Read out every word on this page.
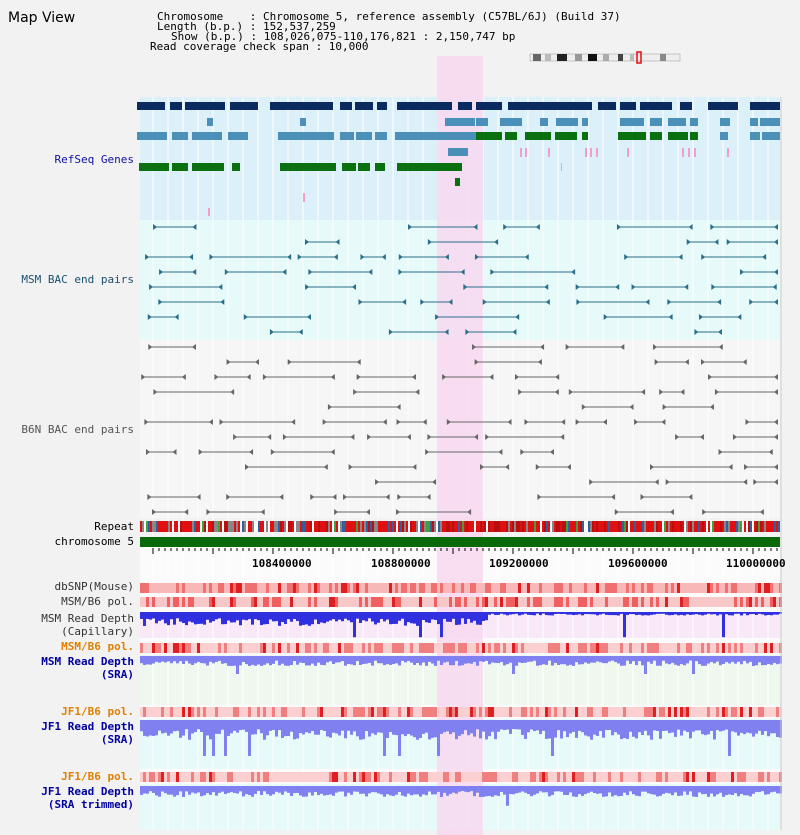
Map View	Chromosome    : Chromosome 5, reference assembly (C57BL/6J) (Build 37)
Length (b.p.) : 152,537,259
Show (b.p.) : 108,026,075-110,176,821 : 2,150,747 bp
Read coverage check span : 10,000
RefSeq Genes
MSM BAC end pairs
B6N BAC end pairs
Repeat
chromosome 5
dbSNP(Mouse)
MSM/B6 pol.
MSM Read Depth
(Capillary)
MSM/B6 pol.
MSM Read Depth
(SRA)
JF1/B6 pol.
JF1 Read Depth
(SRA)
JF1/B6 pol.
JF1 Read Depth
(SRA trimmed)
108400000	108800000	109200000	109600000	110000000
